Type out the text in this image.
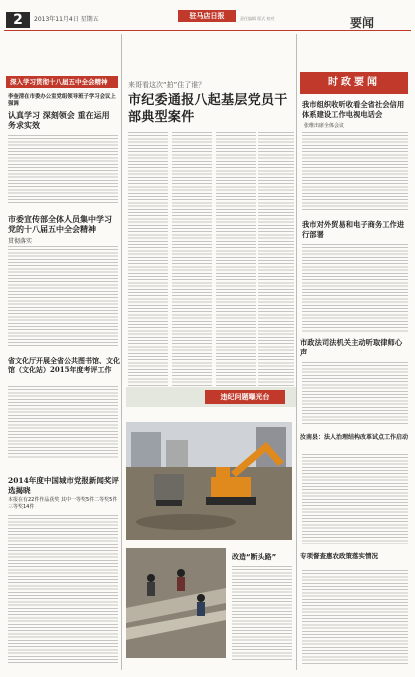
2	2013年11月4日 星期五	驻马店日报	责任编辑 版式 校对	要闻
深入学习贯彻十八届五中全会精神
李奎清在市委办公室党组领导班子学习会议上强调
认真学习 深刻领会 重在运用 务求实效
市委宣传部全体人员集中学习党的十八届五中全会精神
贯彻落实
省文化厅开展全省公共图书馆、文化馆（文化站）2015年度考评工作
2014年度中国城市党报新闻奖评选揭晓
本报在有22件作品获奖 其中一等奖5件二等奖5件三等奖14件
来哥看这次“拍”住了谁？
市纪委通报八起基层党员干部典型案件
违纪问题曝光台
改造“断头路”
时政要闻
我市组织收听收看全省社会信用体系建设工作电视电话会
张维出席全体会议
我市对外贸易和电子商务工作进行部署
市政法司法机关主动听取律师心声
汝南县：法人治理结构改革试点工作启动
专项督查惠农政策落实情况
